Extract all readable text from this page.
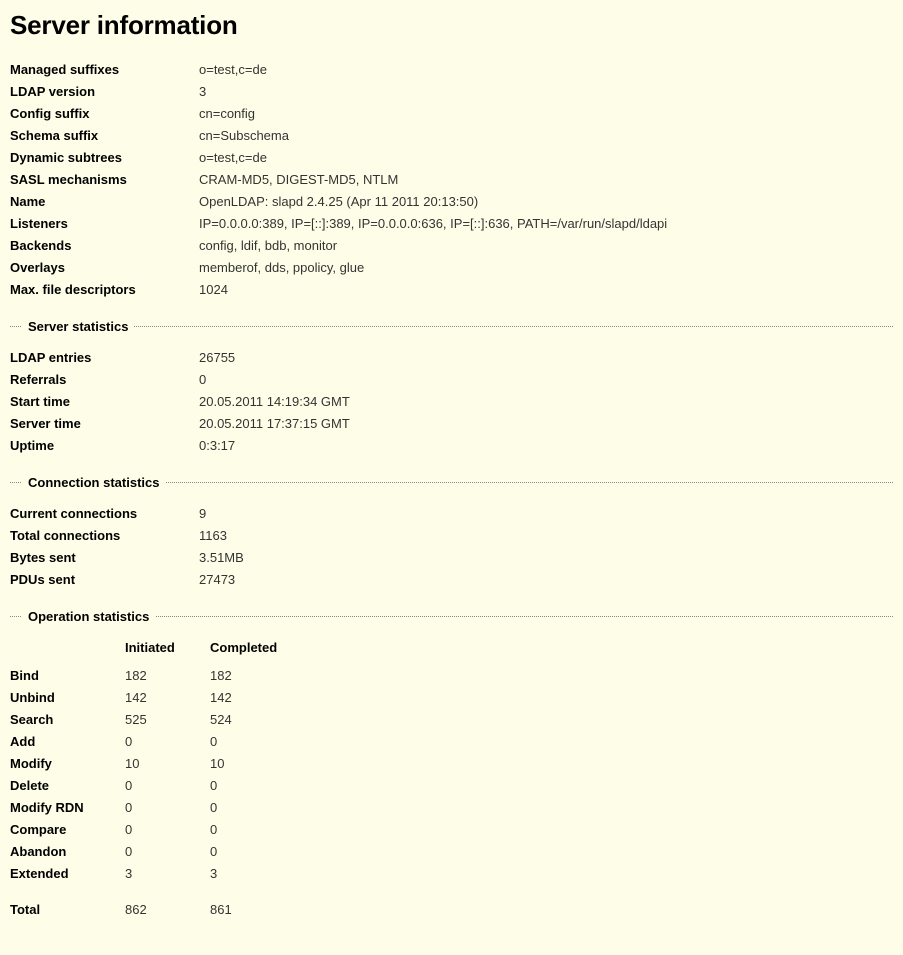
Server information
Managed suffixes	o=test,c=de
LDAP version	3
Config suffix	cn=config
Schema suffix	cn=Subschema
Dynamic subtrees	o=test,c=de
SASL mechanisms	CRAM-MD5, DIGEST-MD5, NTLM
Name	OpenLDAP: slapd 2.4.25 (Apr 11 2011 20:13:50)
Listeners	IP=0.0.0.0:389, IP=[::]:389, IP=0.0.0.0:636, IP=[::]:636, PATH=/var/run/slapd/ldapi
Backends	config, ldif, bdb, monitor
Overlays	memberof, dds, ppolicy, glue
Max. file descriptors	1024
Server statistics
LDAP entries	26755
Referrals	0
Start time	20.05.2011 14:19:34 GMT
Server time	20.05.2011 17:37:15 GMT
Uptime	0:3:17
Connection statistics
Current connections	9
Total connections	1163
Bytes sent	3.51MB
PDUs sent	27473
Operation statistics
	Initiated	Completed
Bind	182	182
Unbind	142	142
Search	525	524
Add	0	0
Modify	10	10
Delete	0	0
Modify RDN	0	0
Compare	0	0
Abandon	0	0
Extended	3	3
Total	862	861
